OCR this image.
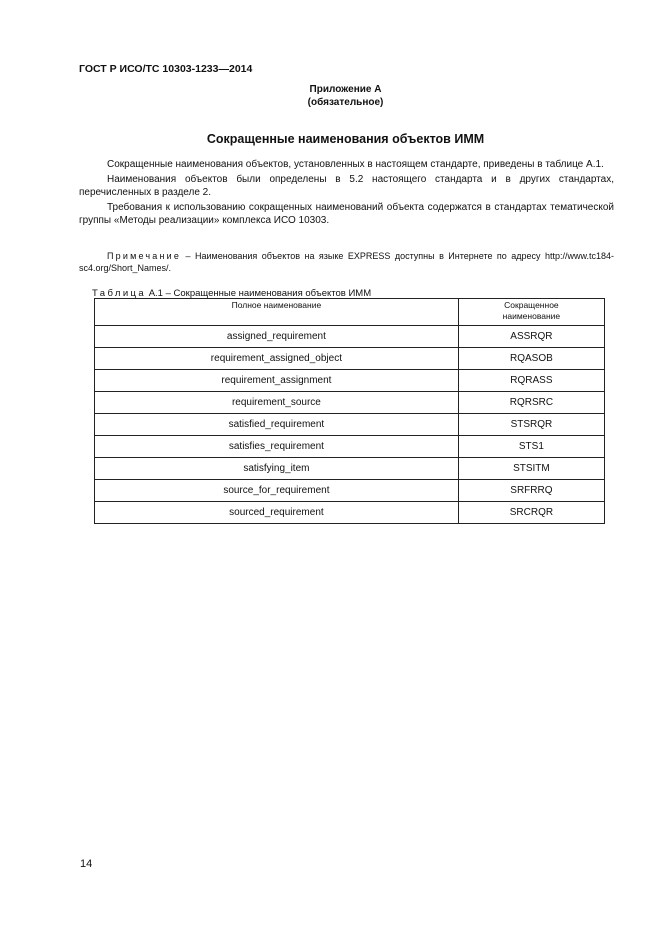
ГОСТ Р ИСО/ТС 10303-1233—2014
Приложение А
(обязательное)
Сокращенные наименования объектов ИММ

Сокращенные наименования объектов, установленных в настоящем стандарте, приведены в таблице А.1.

Наименования объектов были определены в 5.2 настоящего стандарта и в других стандартах, перечисленных в разделе 2.

Требования к использованию сокращенных наименований объекта содержатся в стандартах тематической группы «Методы реализации» комплекса ИСО 10303.

Примечание – Наименования объектов на языке EXPRESS доступны в Интернете по адресу http://www.tc184-sc4.org/Short_Names/.

Таблица А.1 – Сокращенные наименования объектов ИММ
Полное наименование	Сокращенное
наименование
assigned_requirement	ASSRQR
requirement_assigned_object	RQASOB
requirement_assignment	RQRASS
requirement_source	RQRSRC
satisfied_requirement	STSRQR
satisfies_requirement	STS1
satisfying_item	STSITM
source_for_requirement	SRFRRQ
sourced_requirement	SRCRQR
14
